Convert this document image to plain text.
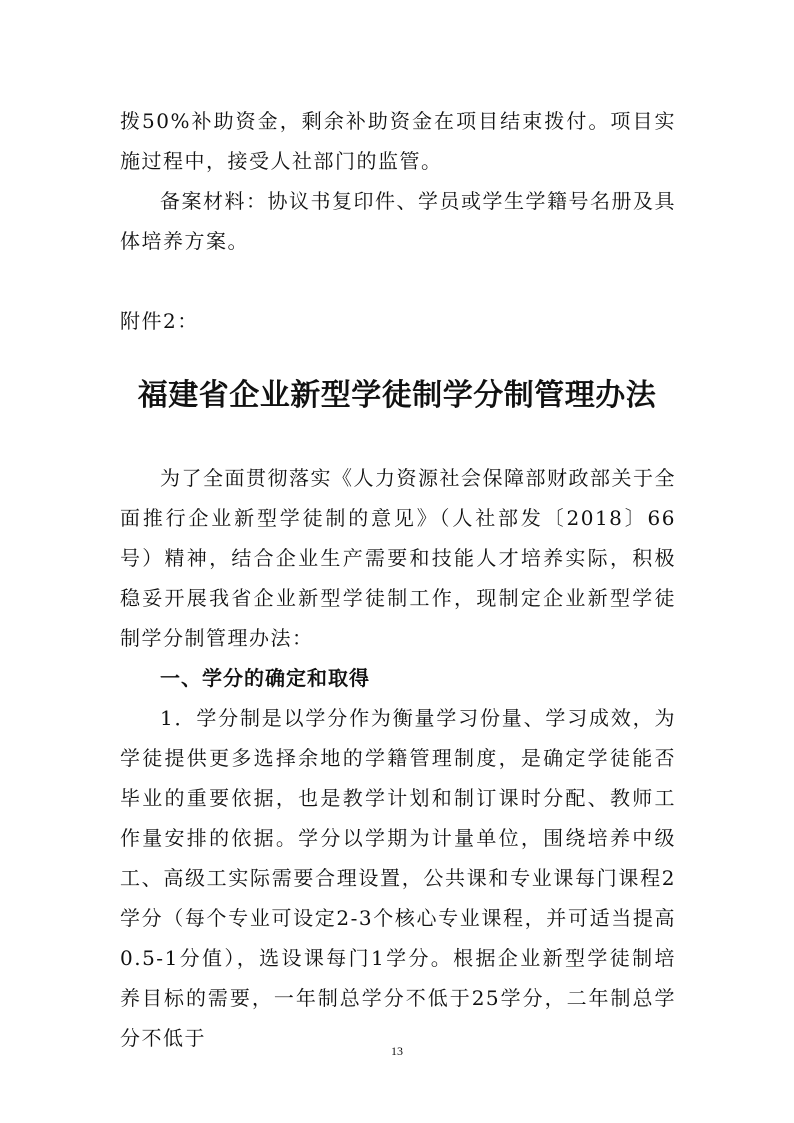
拨50%补助资金，剩余补助资金在项目结束拨付。项目实施过程中，接受人社部门的监管。

备案材料：协议书复印件、学员或学生学籍号名册及具体培养方案。

附件2：

福建省企业新型学徒制学分制管理办法

为了全面贯彻落实《人力资源社会保障部财政部关于全面推行企业新型学徒制的意见》（人社部发〔2018〕66号）精神，结合企业生产需要和技能人才培养实际，积极稳妥开展我省企业新型学徒制工作，现制定企业新型学徒制学分制管理办法：

一、学分的确定和取得

1．学分制是以学分作为衡量学习份量、学习成效，为学徒提供更多选择余地的学籍管理制度，是确定学徒能否毕业的重要依据，也是教学计划和制订课时分配、教师工作量安排的依据。学分以学期为计量单位，围绕培养中级工、高级工实际需要合理设置，公共课和专业课每门课程2学分（每个专业可设定2-3个核心专业课程，并可适当提高0.5-1分值），选设课每门1学分。根据企业新型学徒制培养目标的需要，一年制总学分不低于25学分，二年制总学分不低于

13
